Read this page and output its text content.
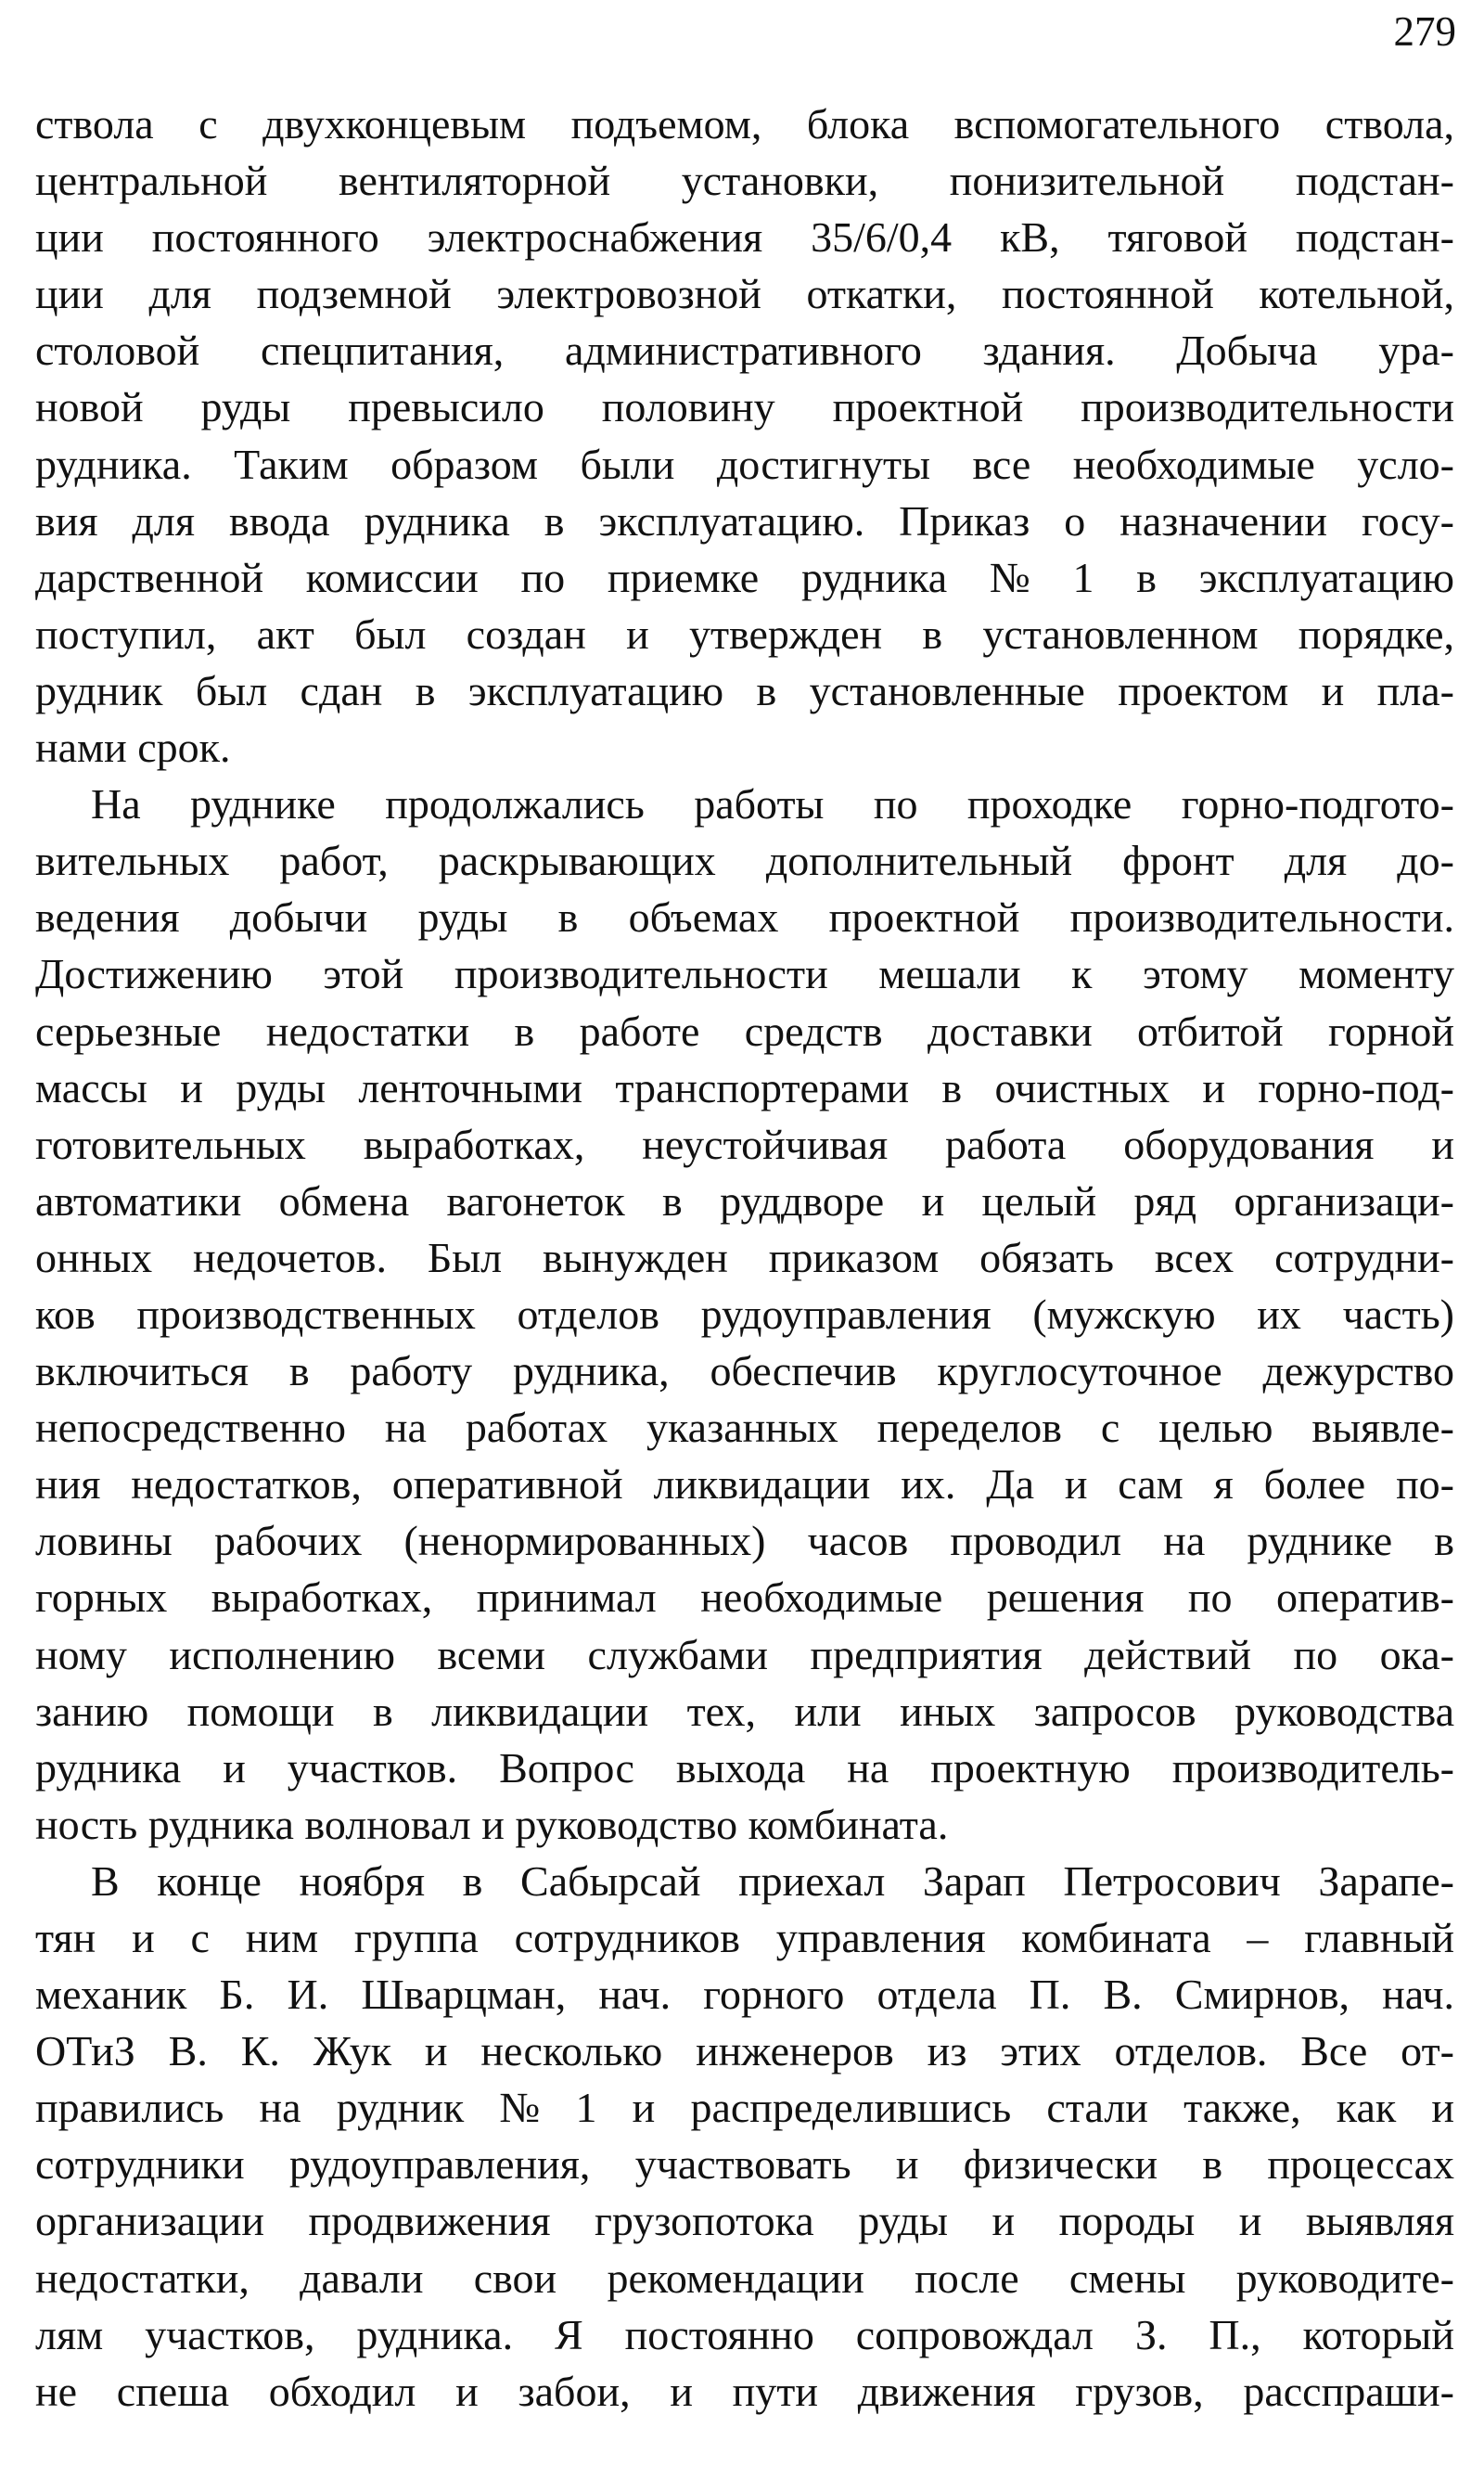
279
ствола с двухконцевым подъемом, блока вспомогательного ствола,
центральной вентиляторной установки, понизительной подстан-
ции постоянного электроснабжения 35/6/0,4 кВ, тяговой подстан-
ции для подземной электровозной откатки, постоянной котельной,
столовой спецпитания, административного здания. Добыча ура-
новой руды превысило половину проектной производительности
рудника. Таким образом были достигнуты все необходимые усло-
вия для ввода рудника в эксплуатацию. Приказ о назначении госу-
дарственной комиссии по приемке рудника № 1 в эксплуатацию
поступил, акт был создан и утвержден в установленном порядке,
рудник был сдан в эксплуатацию в установленные проектом и пла-
нами срок.
На руднике продолжались работы по проходке горно-подгото-
вительных работ, раскрывающих дополнительный фронт для до-
ведения добычи руды в объемах проектной производительности.
Достижению этой производительности мешали к этому моменту
серьезные недостатки в работе средств доставки отбитой горной
массы и руды ленточными транспортерами в очистных и горно-под-
готовительных выработках, неустойчивая работа оборудования и
автоматики обмена вагонеток в руддворе и целый ряд организаци-
онных недочетов. Был вынужден приказом обязать всех сотрудни-
ков производственных отделов рудоуправления (мужскую их часть)
включиться в работу рудника, обеспечив круглосуточное дежурство
непосредственно на работах указанных переделов с целью выявле-
ния недостатков, оперативной ликвидации их. Да и сам я более по-
ловины рабочих (ненормированных) часов проводил на руднике в
горных выработках, принимал необходимые решения по оператив-
ному исполнению всеми службами предприятия действий по ока-
занию помощи в ликвидации тех, или иных запросов руководства
рудника и участков. Вопрос выхода на проектную производитель-
ность рудника волновал и руководство комбината.
В конце ноября в Сабырсай приехал Зарап Петросович Зарапе-
тян и с ним группа сотрудников управления комбината – главный
механик Б. И. Шварцман, нач. горного отдела П. В. Смирнов, нач.
ОТиЗ В. К. Жук и несколько инженеров из этих отделов. Все от-
правились на рудник № 1 и распределившись стали также, как и
сотрудники рудоуправления, участвовать и физически в процессах
организации продвижения грузопотока руды и породы и выявляя
недостатки, давали свои рекомендации после смены руководите-
лям участков, рудника. Я постоянно сопровождал З. П., который
не спеша обходил и забои, и пути движения грузов, расспраши-
